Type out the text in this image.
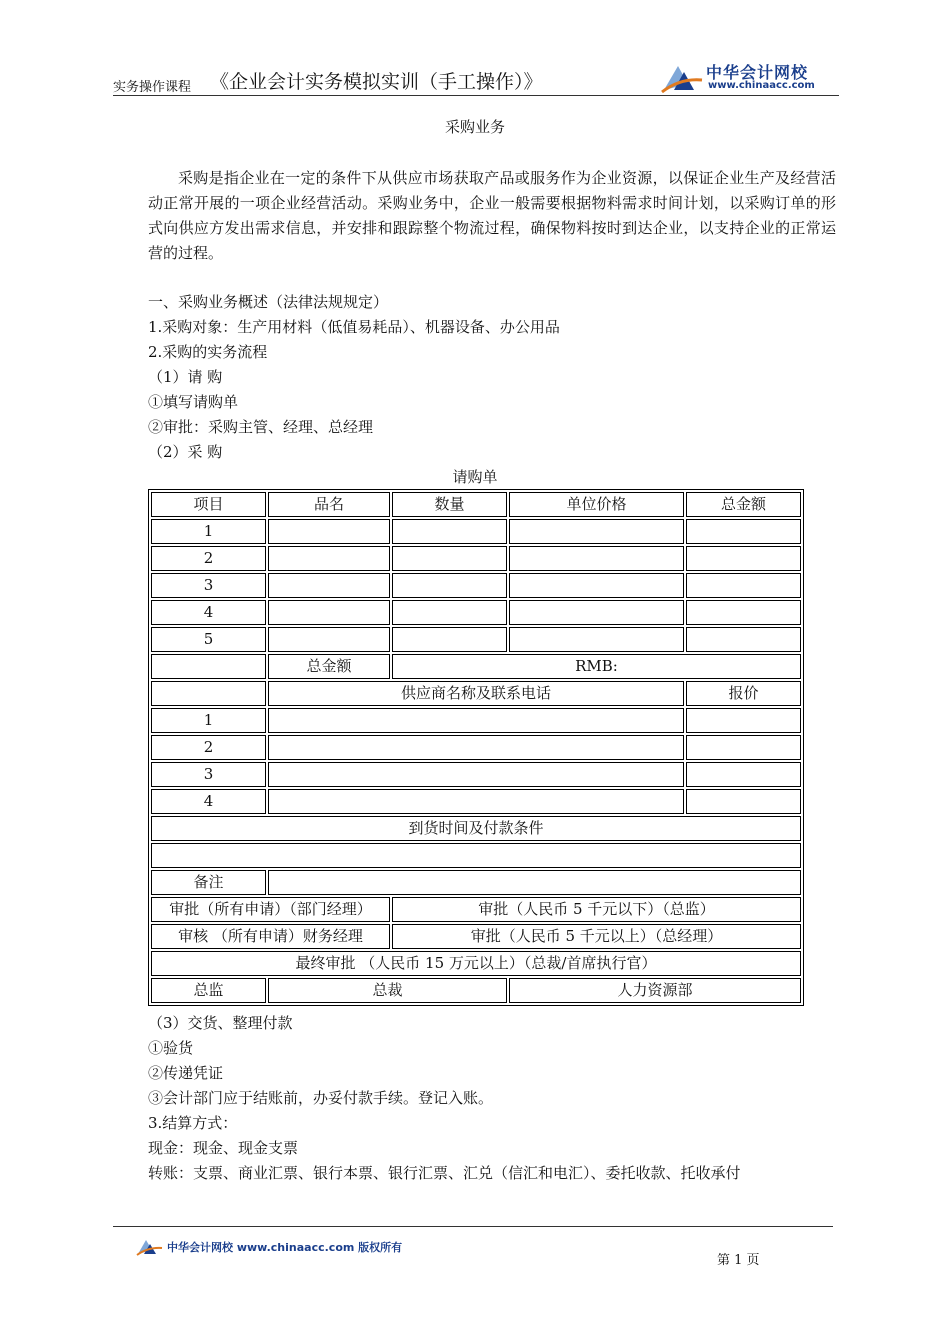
实务操作课程 《企业会计实务模拟实训（手工操作）》	中华会计网校
www.chinaacc.com
采购业务
采购是指企业在一定的条件下从供应市场获取产品或服务作为企业资源，以保证企业生产及经营活动正常开展的一项企业经营活动。采购业务中，企业一般需要根据物料需求时间计划，以采购订单的形式向供应方发出需求信息，并安排和跟踪整个物流过程，确保物料按时到达企业，以支持企业的正常运营的过程。
一、采购业务概述（法律法规规定）
1.采购对象：生产用材料（低值易耗品）、机器设备、办公用品
2.采购的实务流程
（1）请 购
①填写请购单
②审批：采购主管、经理、总经理
（2）采 购
请购单
项目	品名	数量	单位价格	总金额
1				
2				
3				
4				
5				
	总金额	RMB:		
	供应商名称及联系电话			报价
1				
2				
3				
4				
到货时间及付款条件				

备注				
审批（所有申请）（部门经理）		审批（人民币 5 千元以下）（总监）		
审核 （所有申请）财务经理		审批（人民币 5 千元以上）（总经理）		
最终审批 （人民币 15 万元以上）（总裁/首席执行官）				
总监	总裁		人力资源部	
（3）交货、整理付款
①验货
②传递凭证
③会计部门应于结账前，办妥付款手续。登记入账。
3.结算方式：
现金：现金、现金支票
转账：支票、商业汇票、银行本票、银行汇票、汇兑（信汇和电汇）、委托收款、托收承付
中华会计网校 www.chinaacc.com 版权所有
第 1 页
